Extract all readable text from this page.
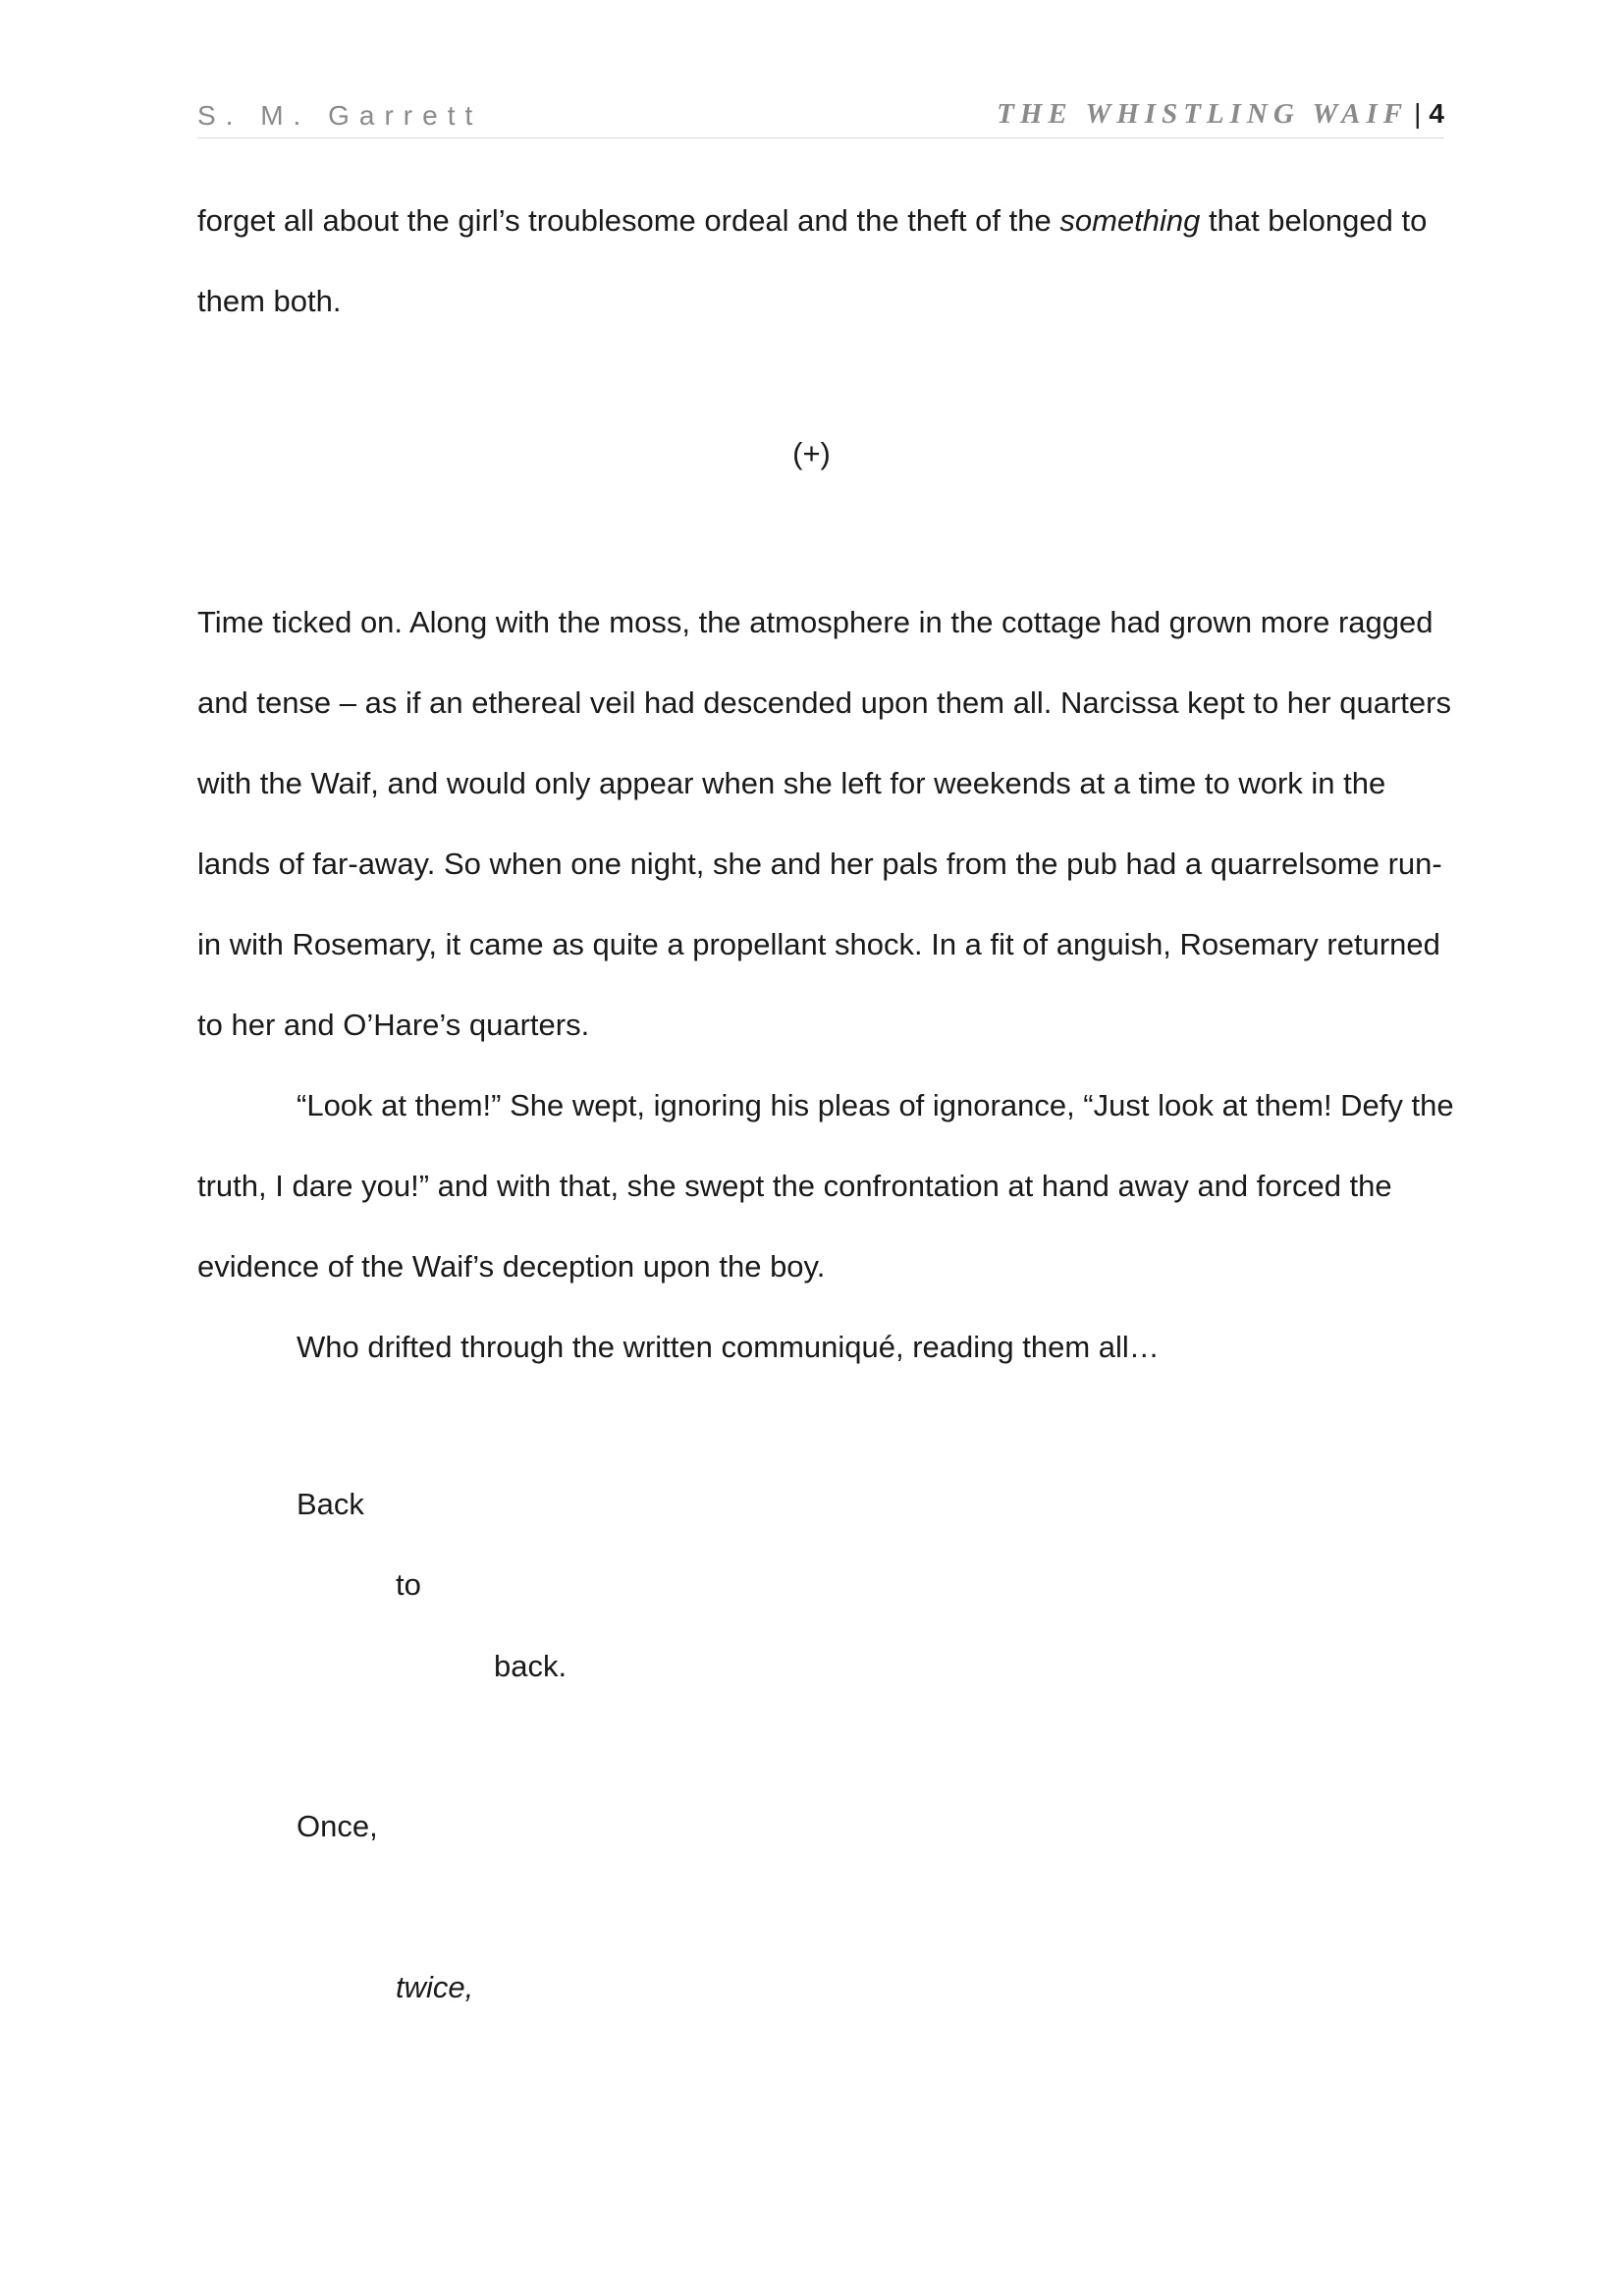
S. M. Garrett	THE WHISTLING WAIF | 4

forget all about the girl’s troublesome ordeal and the theft of the something that belonged to them both.

(+)

Time ticked on. Along with the moss, the atmosphere in the cottage had grown more ragged and tense – as if an ethereal veil had descended upon them all. Narcissa kept to her quarters with the Waif, and would only appear when she left for weekends at a time to work in the lands of far-away. So when one night, she and her pals from the pub had a quarrelsome run-in with Rosemary, it came as quite a propellant shock. In a fit of anguish, Rosemary returned to her and O’Hare’s quarters.

“Look at them!” She wept, ignoring his pleas of ignorance, “Just look at them! Defy the truth, I dare you!” and with that, she swept the confrontation at hand away and forced the evidence of the Waif’s deception upon the boy.

Who drifted through the written communiqué, reading them all…

Back

to

back.

Once,

twice,
